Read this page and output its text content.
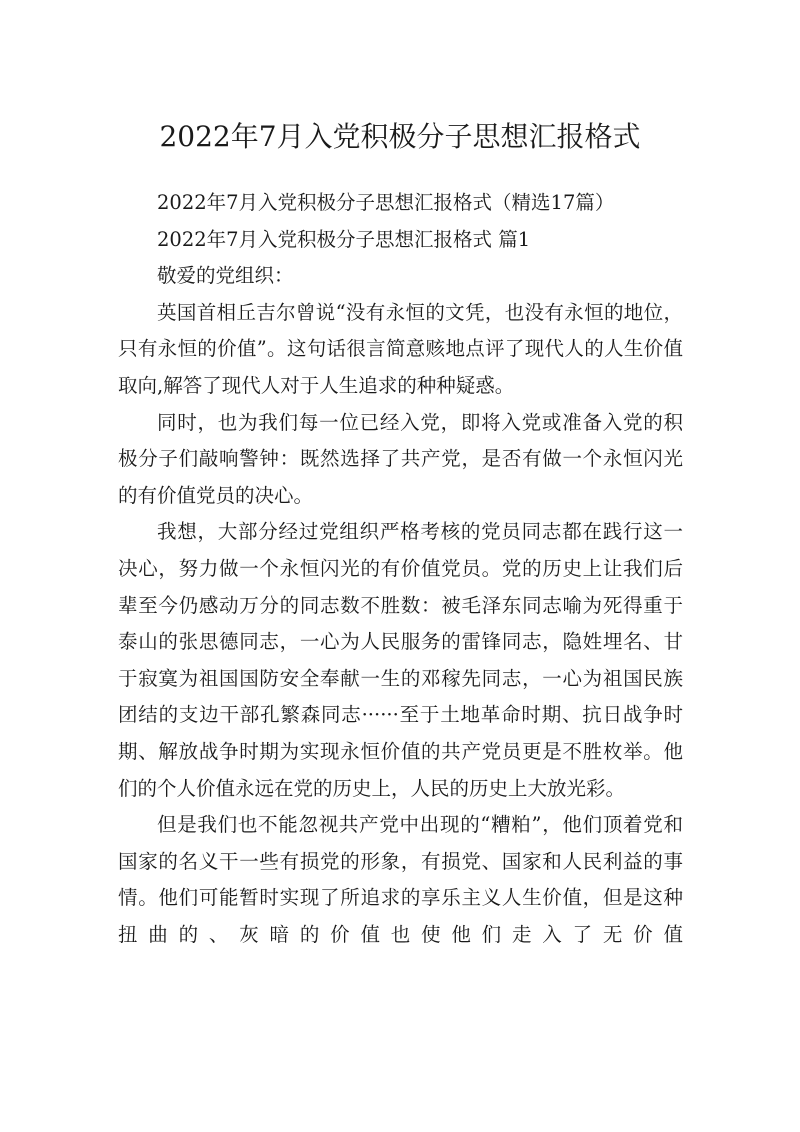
2022年7月入党积极分子思想汇报格式

2022年7月入党积极分子思想汇报格式（精选17篇）

2022年7月入党积极分子思想汇报格式 篇1

敬爱的党组织：

英国首相丘吉尔曾说“没有永恒的文凭，也没有永恒的地位，只有永恒的价值”。这句话很言简意赅地点评了现代人的人生价值取向,解答了现代人对于人生追求的种种疑惑。

同时，也为我们每一位已经入党，即将入党或准备入党的积极分子们敲响警钟：既然选择了共产党，是否有做一个永恒闪光的有价值党员的决心。

我想，大部分经过党组织严格考核的党员同志都在践行这一决心，努力做一个永恒闪光的有价值党员。党的历史上让我们后辈至今仍感动万分的同志数不胜数：被毛泽东同志喻为死得重于泰山的张思德同志，一心为人民服务的雷锋同志，隐姓埋名、甘于寂寞为祖国国防安全奉献一生的邓稼先同志，一心为祖国民族团结的支边干部孔繁森同志······至于土地革命时期、抗日战争时期、解放战争时期为实现永恒价值的共产党员更是不胜枚举。他们的个人价值永远在党的历史上，人民的历史上大放光彩。

但是我们也不能忽视共产党中出现的“糟粕”，他们顶着党和国家的名义干一些有损党的形象，有损党、国家和人民利益的事情。他们可能暂时实现了所追求的享乐主义人生价值，但是这种扭曲的、灰暗的价值也使他们走入了无价值
